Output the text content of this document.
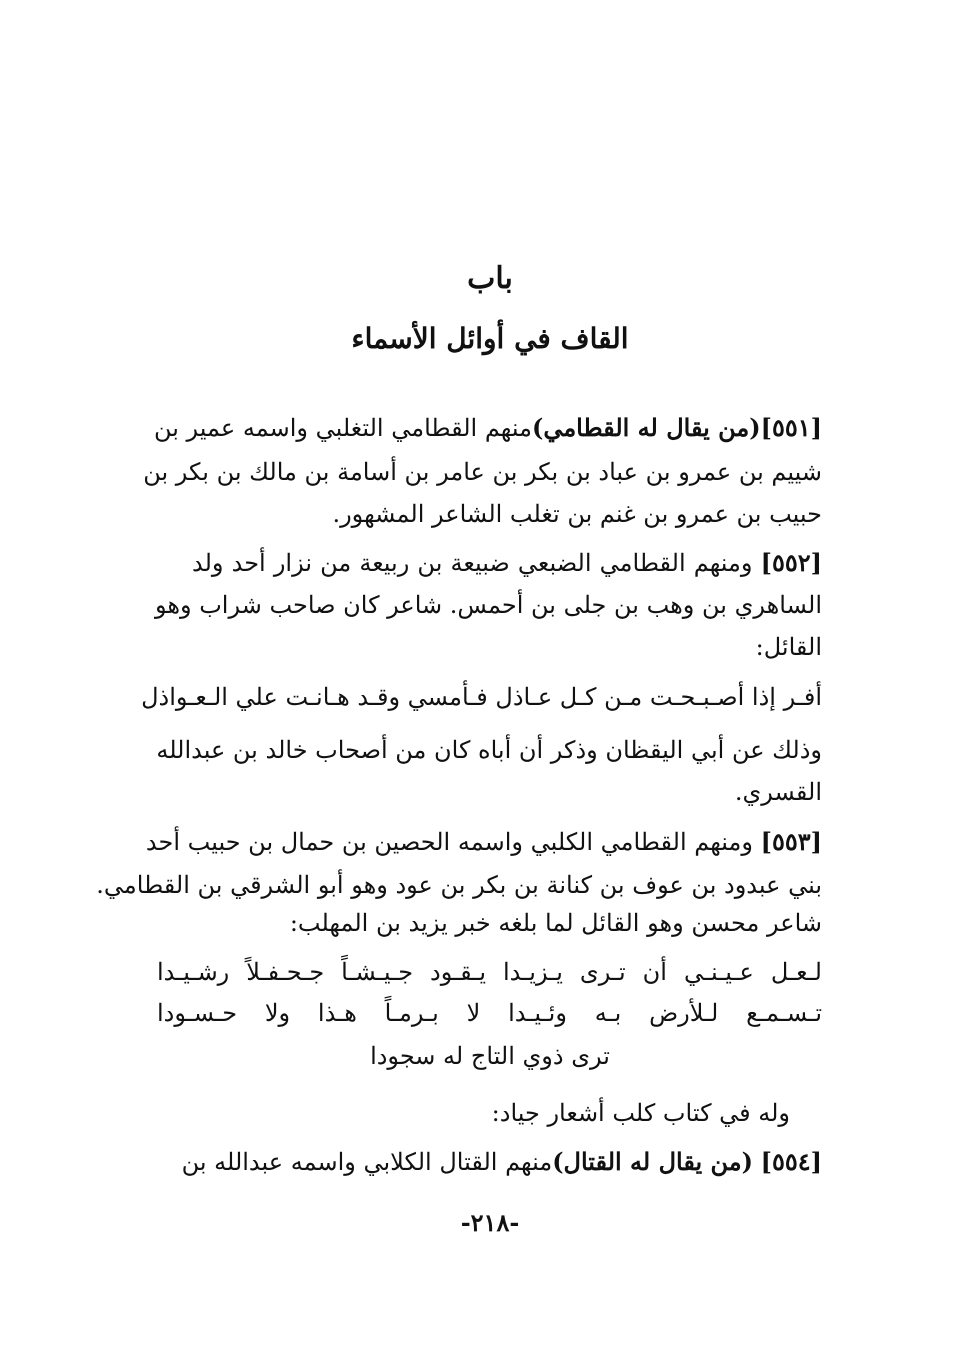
باب
القاف في أوائل الأسماء
[٥٥١](من يقال له القطامي)منهم القطامي التغلبي واسمه عمير بن
شييم بن عمرو بن عباد بن بكر بن عامر بن أسامة بن مالك بن بكر بن
حبيب بن عمرو بن غنم بن تغلب الشاعر المشهور.
[٥٥٢] ومنهم القطامي الضبعي ضبيعة بن ربيعة من نزار أحد ولد
الساهري بن وهب بن جلى بن أحمس. شاعر كان صاحب شراب وهو
القائل:
أفـر إذا أصـبـحـت مـن كـل عـاذل فـأمسي وقـد هـانـت علي الـعـواذل
وذلك عن أبي اليقظان وذكر أن أباه كان من أصحاب خالد بن عبدالله
القسري.
[٥٥٣] ومنهم القطامي الكلبي واسمه الحصين بن حمال بن حبيب أحد
بني عبدود بن عوف بن كنانة بن بكر بن عود وهو أبو الشرقي بن القطامي.
شاعر محسن وهو القائل لما بلغه خبر يزيد بن المهلب:
لـعـل عـيـنـي أن تـرى يـزيـدا يـقـود جـيـشـاً جـحـفـلاً رشـيـدا
تـسـمـع لـلأرض بـه وئـيـدا لا بـرمـاً هـذا ولا حـسـودا
ترى ذوي التاج له سجودا
وله في كتاب كلب أشعار جياد:
[٥٥٤] (من يقال له القتال)منهم القتال الكلابي واسمه عبدالله بن
-٢١٨-
